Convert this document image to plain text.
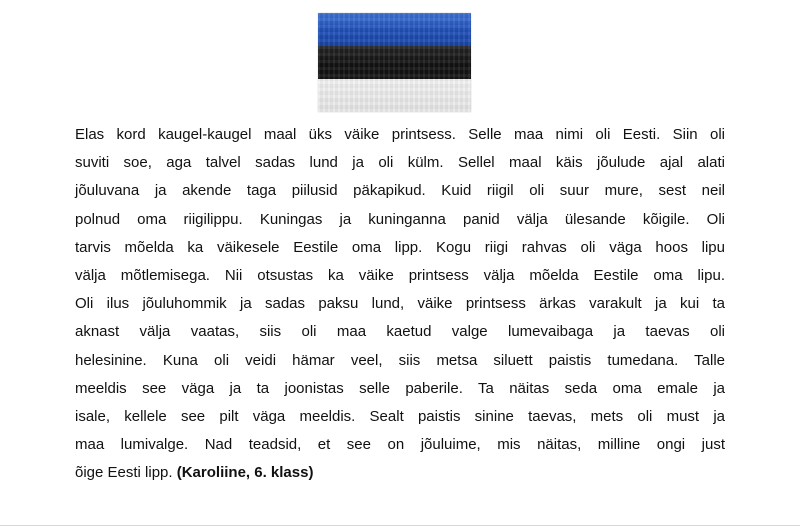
Elas kord kaugel-kaugel maal üks väike printsess. Selle maa nimi oli Eesti. Siin oli
suviti soe, aga talvel sadas lund ja oli külm. Sellel maal käis jõulude ajal alati
jõuluvana ja akende taga piilusid päkapikud. Kuid riigil oli suur mure, sest neil
polnud oma riigilippu. Kuningas ja kuninganna panid välja ülesande kõigile. Oli
tarvis mõelda ka väikesele Eestile oma lipp. Kogu riigi rahvas oli väga hoos lipu
välja mõtlemisega. Nii otsustas ka väike printsess välja mõelda Eestile oma lipu.
Oli ilus jõuluhommik ja sadas paksu lund, väike printsess ärkas varakult ja kui ta
aknast välja vaatas, siis oli maa kaetud valge lumevaibaga ja taevas oli
helesinine. Kuna oli veidi hämar veel, siis metsa siluett paistis tumedana. Talle
meeldis see väga ja ta joonistas selle paberile. Ta näitas seda oma emale ja
isale, kellele see pilt väga meeldis. Sealt paistis sinine taevas, mets oli must ja
maa lumivalge. Nad teadsid, et see on jõuluime, mis näitas, milline ongi just
õige Eesti lipp. (Karoliine, 6. klass)
